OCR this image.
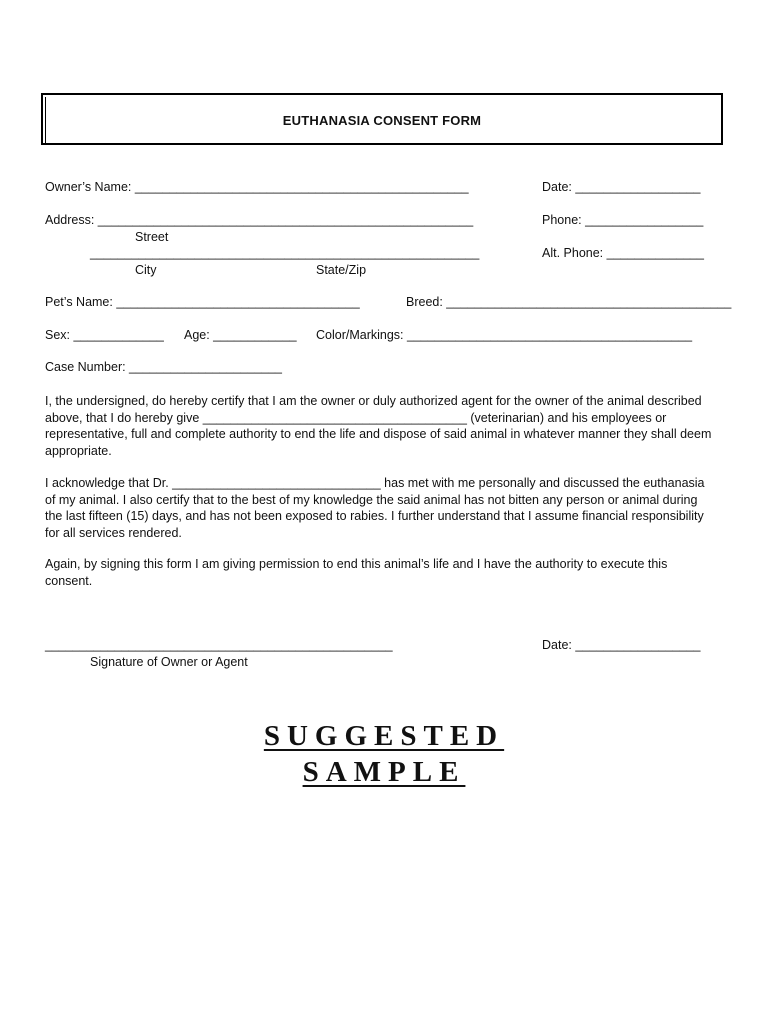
EUTHANASIA CONSENT FORM
Owner’s Name: ________________________________________________	Date: __________________
Address: ______________________________________________________	Phone: _________________
Street
________________________________________________________	Alt. Phone: ______________
City	State/Zip
Pet’s Name: ___________________________________	Breed: _________________________________________
Sex: _____________ Age: ____________ Color/Markings: _________________________________________
Case Number: ______________________
I, the undersigned, do hereby certify that I am the owner or duly authorized agent for the owner of the animal described above, that I do hereby give ______________________________________ (veterinarian) and his employees or representative, full and complete authority to end the life and dispose of said animal in whatever manner they shall deem appropriate.
I acknowledge that Dr. ______________________________ has met with me personally and discussed the euthanasia of my animal. I also certify that to the best of my knowledge the said animal has not bitten any person or animal during the last fifteen (15) days, and has not been exposed to rabies. I further understand that I assume financial responsibility for all services rendered.
Again, by signing this form I am giving permission to end this animal’s life and I have the authority to execute this consent.
__________________________________________________	Date: __________________
Signature of Owner or Agent
SUGGESTED
SAMPLE
